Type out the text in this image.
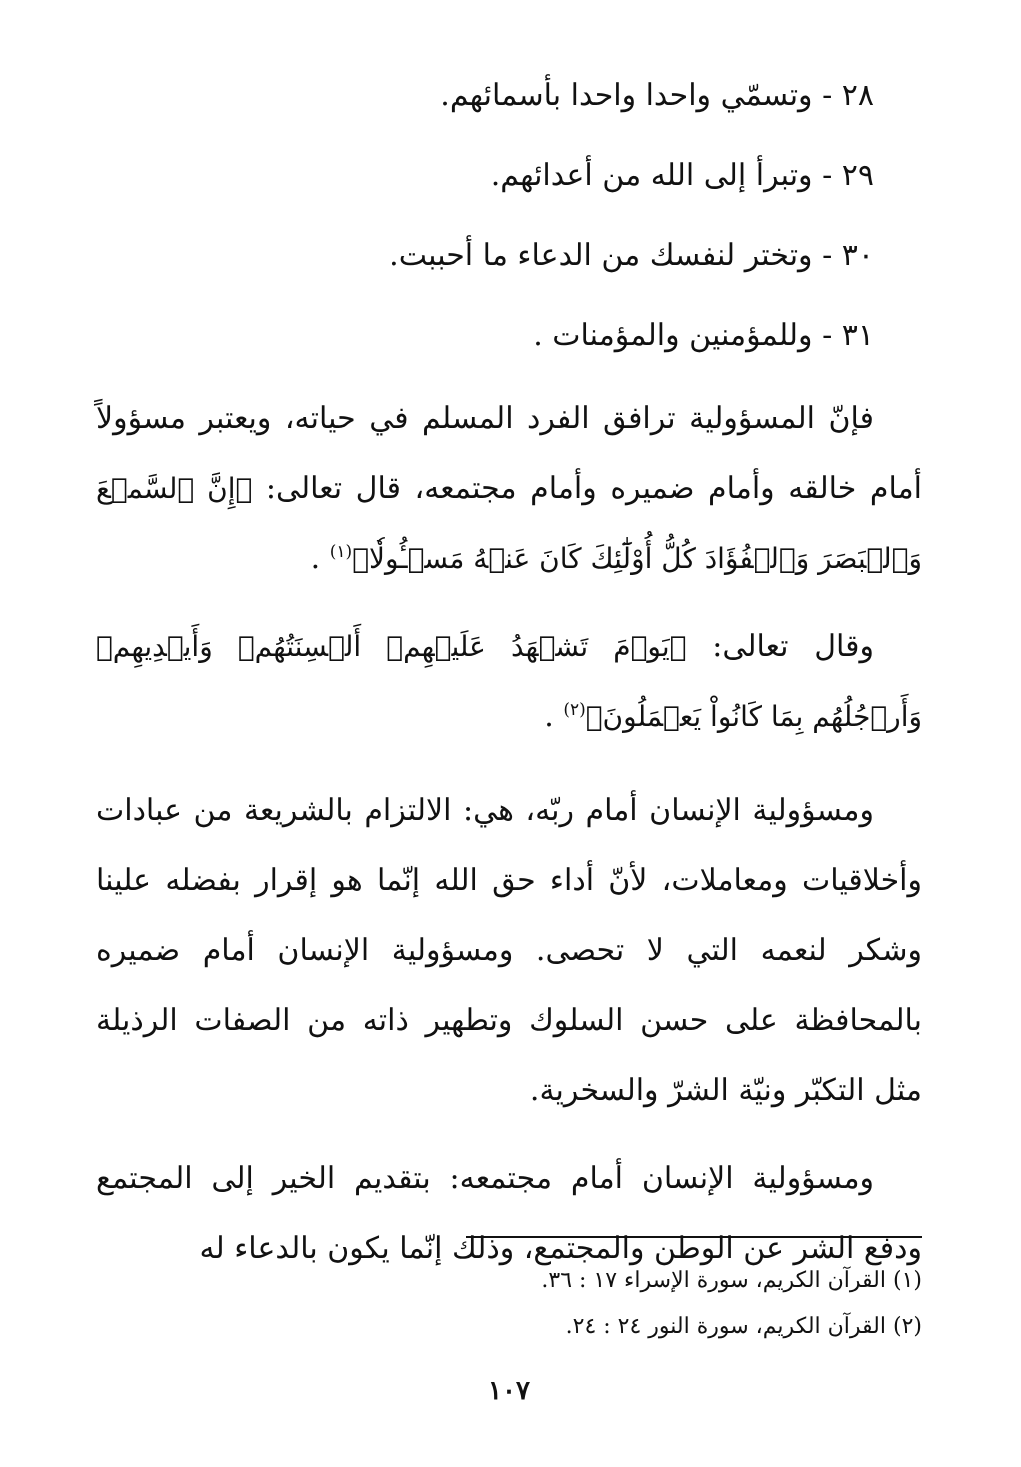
٢٨ - وتسمّي واحدا واحدا بأسمائهم.
٢٩ - وتبرأ إلى الله من أعدائهم.
٣٠ - وتختر لنفسك من الدعاء ما أحببت.
٣١ - وللمؤمنين والمؤمنات .

فإنّ المسؤولية ترافق الفرد المسلم في حياته، ويعتبر مسؤولاً أمام خالقه وأمام ضميره وأمام مجتمعه، قال تعالى: ﴿إِنَّ ٱلسَّمۡعَ وَٱلۡبَصَرَ وَٱلۡفُؤَادَ كُلُّ أُوْلَٰٓئِكَ كَانَ عَنۡهُ مَسۡـُٔولٗا﴾$^{(١)}$ .

وقال تعالى: ﴿يَوۡمَ تَشۡهَدُ عَلَيۡهِمۡ أَلۡسِنَتُهُمۡ وَأَيۡدِيهِمۡ وَأَرۡجُلُهُم بِمَا كَانُواْ يَعۡمَلُونَ﴾$^{(٢)}$ .

ومسؤولية الإنسان أمام ربّه، هي: الالتزام بالشريعة من عبادات وأخلاقيات ومعاملات، لأنّ أداء حق الله إنّما هو إقرار بفضله علينا وشكر لنعمه التي لا تحصى. ومسؤولية الإنسان أمام ضميره بالمحافظة على حسن السلوك وتطهير ذاته من الصفات الرذيلة مثل التكبّر ونيّة الشرّ والسخرية.

ومسؤولية الإنسان أمام مجتمعه: بتقديم الخير إلى المجتمع ودفع الشر عن الوطن والمجتمع، وذلك إنّما يكون بالدعاء له

(١) القرآن الكريم، سورة الإسراء ١٧ : ٣٦.
(٢) القرآن الكريم، سورة النور ٢٤ : ٢٤.
١٠٧
